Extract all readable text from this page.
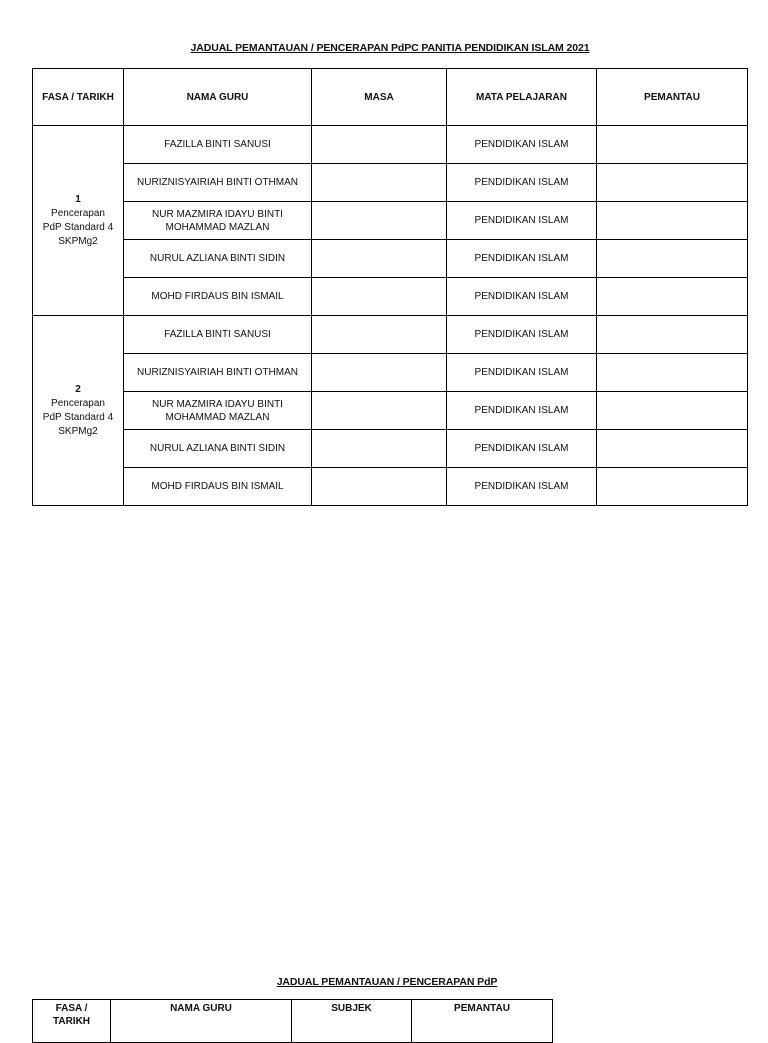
JADUAL PEMANTAUAN / PENCERAPAN PdPC PANITIA PENDIDIKAN ISLAM 2021
FASA / TARIKH	NAMA GURU	MASA	MATA PELAJARAN	PEMANTAU

1
Pencerapan
PdP Standard 4
SKPMg2	FAZILLA BINTI SANUSI		PENDIDIKAN ISLAM	
	NURIZNISYAIRIAH BINTI OTHMAN		PENDIDIKAN ISLAM	
	NUR MAZMIRA IDAYU BINTI MOHAMMAD MAZLAN		PENDIDIKAN ISLAM	
	NURUL AZLIANA BINTI SIDIN		PENDIDIKAN ISLAM	
	MOHD FIRDAUS BIN ISMAIL		PENDIDIKAN ISLAM	

2
Pencerapan
PdP Standard 4
SKPMg2	FAZILLA BINTI SANUSI		PENDIDIKAN ISLAM	
	NURIZNISYAIRIAH BINTI OTHMAN		PENDIDIKAN ISLAM	
	NUR MAZMIRA IDAYU BINTI MOHAMMAD MAZLAN		PENDIDIKAN ISLAM	
	NURUL AZLIANA BINTI SIDIN		PENDIDIKAN ISLAM	
	MOHD FIRDAUS BIN ISMAIL		PENDIDIKAN ISLAM	
JADUAL PEMANTAUAN / PENCERAPAN PdP
FASA / TARIKH	NAMA GURU	SUBJEK	PEMANTAU
